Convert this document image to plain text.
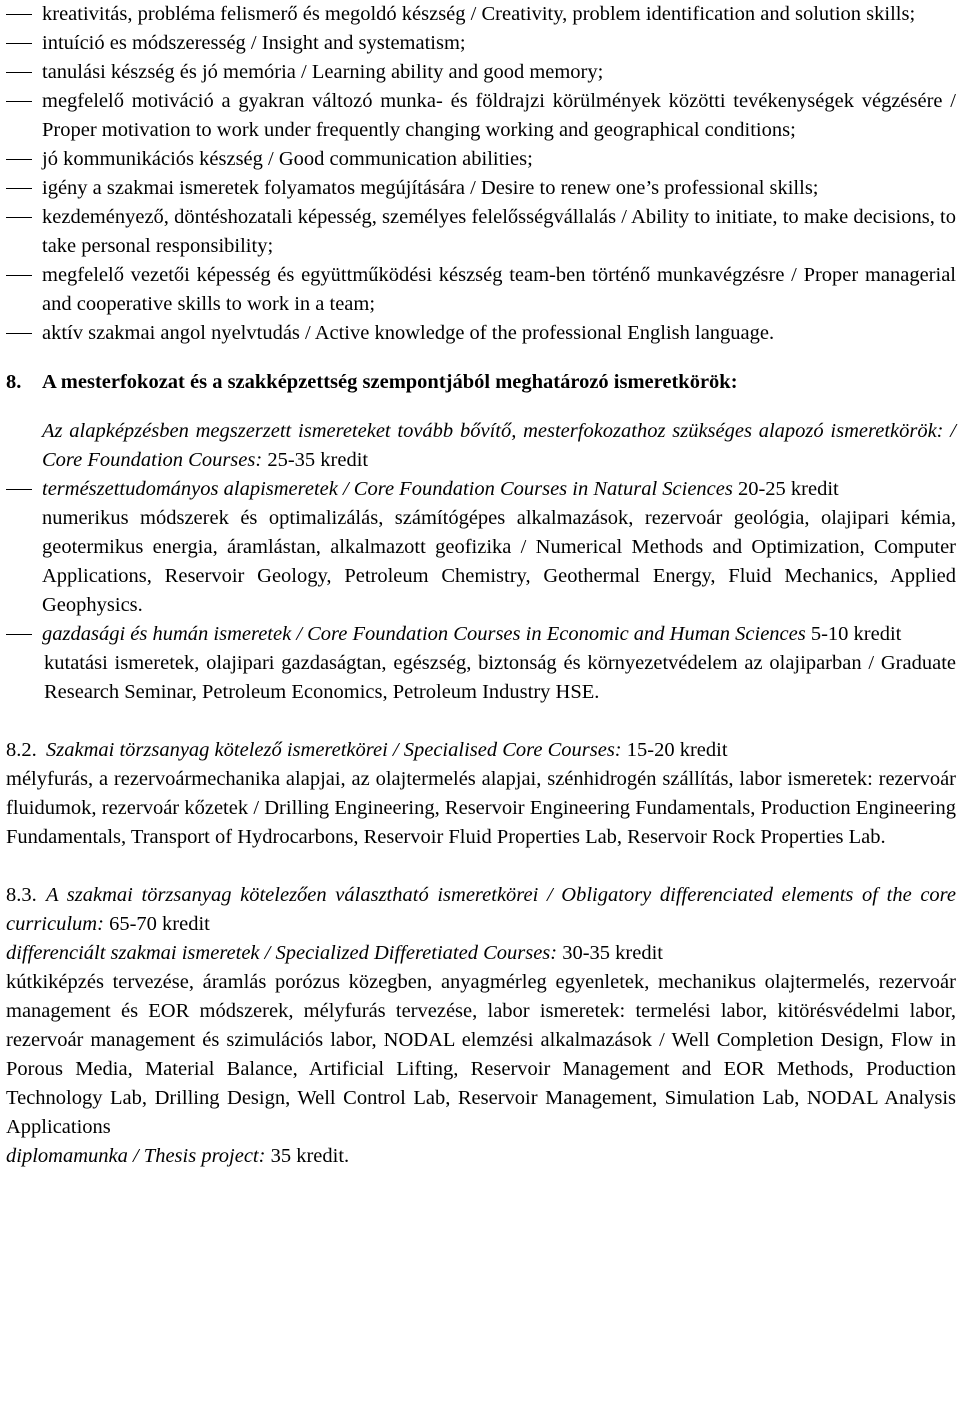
kreativitás, probléma felismerő és megoldó készség / Creativity, problem identification and solution skills;
intuíció es módszeresség / Insight and systematism;
tanulási készség és jó memória / Learning ability and good memory;
megfelelő motiváció a gyakran változó munka- és földrajzi körülmények közötti tevékenységek végzésére / Proper motivation to work under frequently changing working and geographical conditions;
jó kommunikációs készség / Good communication abilities;
igény a szakmai ismeretek folyamatos megújítására / Desire to renew one’s professional skills;
kezdeményező, döntéshozatali képesség, személyes felelősségvállalás / Ability to initiate, to make decisions, to take personal responsibility;
megfelelő vezetői képesség és együttműködési készség team-ben történő munkavégzésre / Proper managerial and cooperative skills to work in a team;
aktív szakmai angol nyelvtudás / Active knowledge of the professional English language.
8. A mesterfokozat és a szakképzettség szempontjából meghatározó ismeretkörök:
Az alapképzésben megszerzett ismereteket tovább bővítő, mesterfokozathoz szükséges alapozó ismeretkörök: / Core Foundation Courses: 25-35 kredit
természettudományos alapismeretek / Core Foundation Courses in Natural Sciences 20-25 kredit
numerikus módszerek és optimalizálás, számítógépes alkalmazások, rezervoár geológia, olajipari kémia, geotermikus energia, áramlástan, alkalmazott geofizika / Numerical Methods and Optimization, Computer Applications, Reservoir Geology, Petroleum Chemistry, Geothermal Energy, Fluid Mechanics, Applied Geophysics.
gazdasági és humán ismeretek / Core Foundation Courses in Economic and Human Sciences 5-10 kredit
kutatási ismeretek, olajipari gazdaságtan, egészség, biztonság és környezetvédelem az olajiparban / Graduate Research Seminar, Petroleum Economics, Petroleum Industry HSE.
8.2. Szakmai törzsanyag kötelező ismeretkörei / Specialised Core Courses: 15-20 kredit
mélyfurás, a rezervoármechanika alapjai, az olajtermelés alapjai, szénhidrogén szállítás, labor ismeretek: rezervoár fluidumok, rezervoár kőzetek / Drilling Engineering, Reservoir Engineering Fundamentals, Production Engineering Fundamentals, Transport of Hydrocarbons, Reservoir Fluid Properties Lab, Reservoir Rock Properties Lab.
8.3. A szakmai törzsanyag kötelezően választható ismeretkörei / Obligatory differenciated elements of the core curriculum: 65-70 kredit
differenciált szakmai ismeretek / Specialized Differetiated Courses: 30-35 kredit
kútkiképzés tervezése, áramlás porózus közegben, anyagmérleg egyenletek, mechanikus olajtermelés, rezervoár management és EOR módszerek, mélyfurás tervezése, labor ismeretek: termelési labor, kitörésvédelmi labor, rezervoár management és szimulációs labor, NODAL elemzési alkalmazások / Well Completion Design, Flow in Porous Media, Material Balance, Artificial Lifting, Reservoir Management and EOR Methods, Production Technology Lab, Drilling Design, Well Control Lab, Reservoir Management, Simulation Lab, NODAL Analysis Applications
diplomamunka / Thesis project: 35 kredit.
